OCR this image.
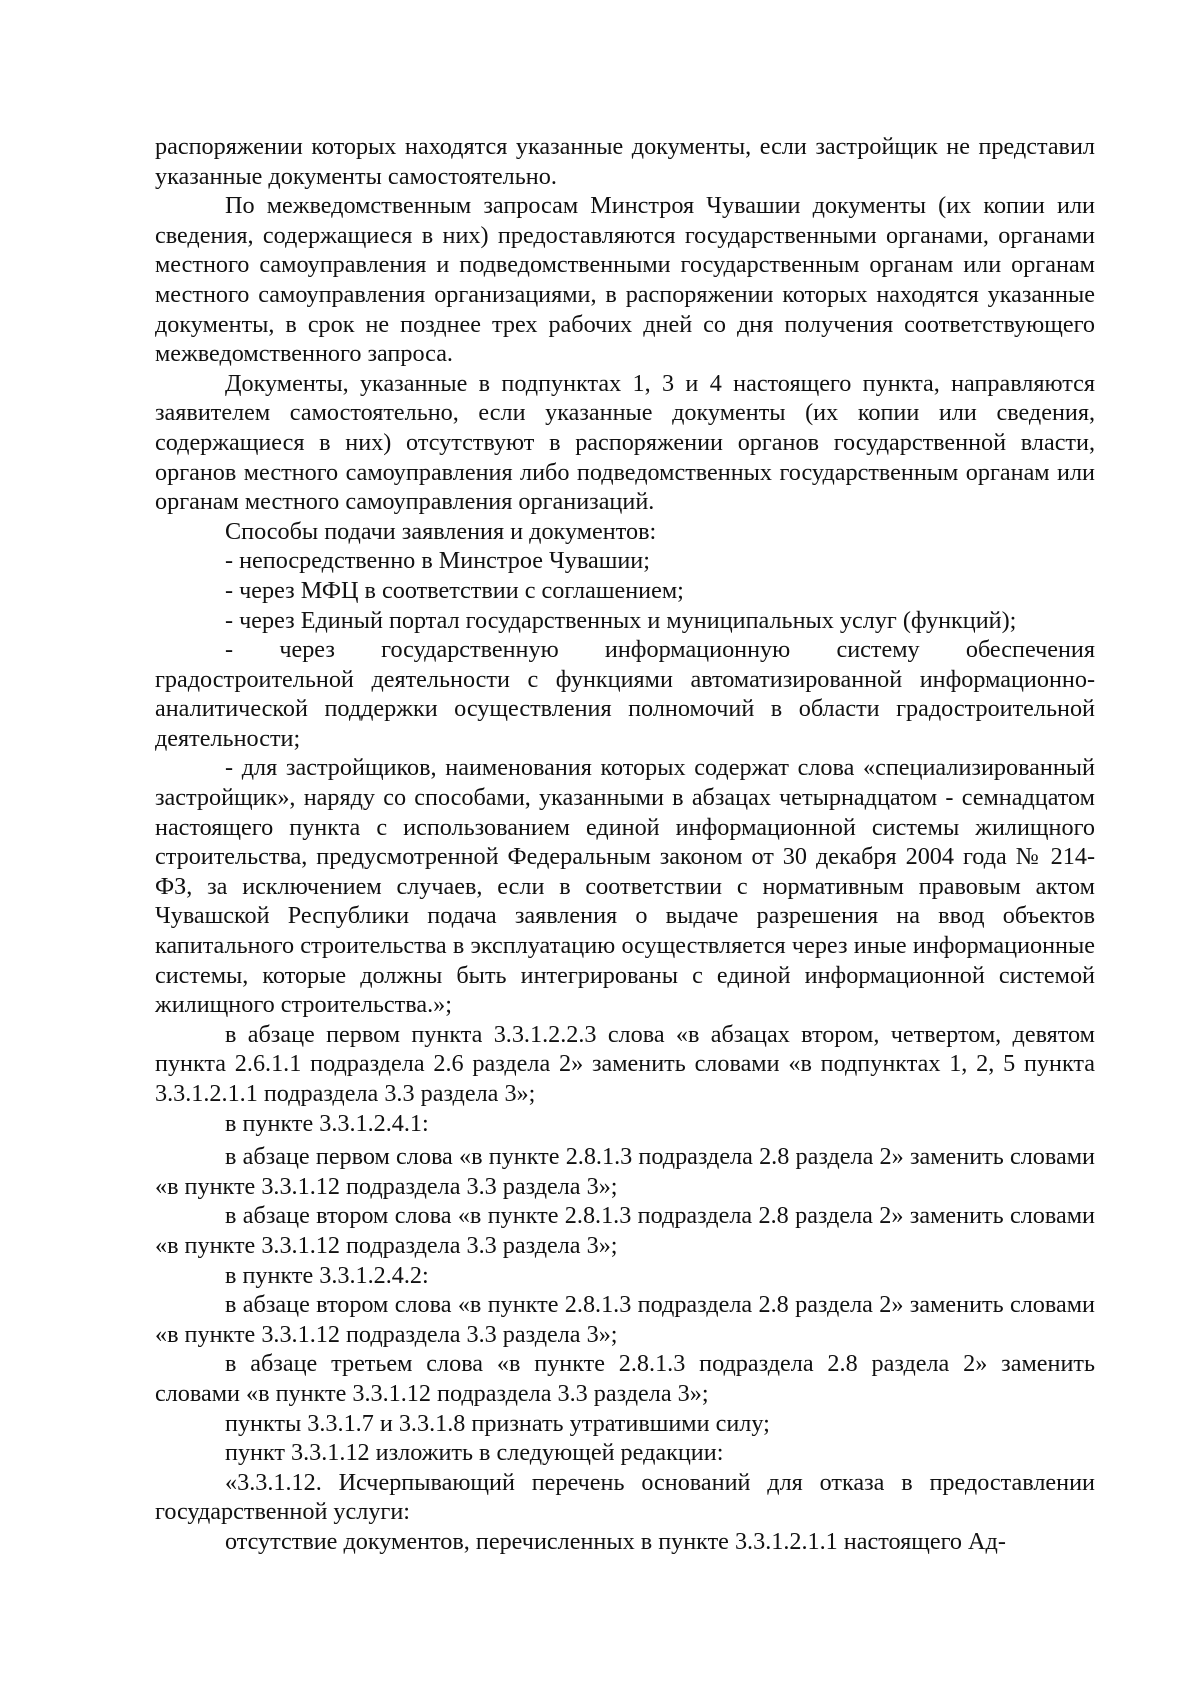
распоряжении которых находятся указанные документы, если застройщик не представил указанные документы самостоятельно.

По межведомственным запросам Минстроя Чувашии документы (их копии или сведения, содержащиеся в них) предоставляются государственными органами, органами местного самоуправления и подведомственными государственным органам или органам местного самоуправления организациями, в распоряжении которых находятся указанные документы, в срок не позднее трех рабочих дней со дня получения соответствующего межведомственного запроса.

Документы, указанные в подпунктах 1, 3 и 4 настоящего пункта, направляются заявителем самостоятельно, если указанные документы (их копии или сведения, содержащиеся в них) отсутствуют в распоряжении органов государственной власти, органов местного самоуправления либо подведомственных государственным органам или органам местного самоуправления организаций.

Способы подачи заявления и документов:

- непосредственно в Минстрое Чувашии;

- через МФЦ в соответствии с соглашением;

- через Единый портал государственных и муниципальных услуг (функций);

- через государственную информационную систему обеспечения градостроительной деятельности с функциями автоматизированной информационно-аналитической поддержки осуществления полномочий в области градостроительной деятельности;

- для застройщиков, наименования которых содержат слова «специализированный застройщик», наряду со способами, указанными в абзацах четырнадцатом - семнадцатом настоящего пункта с использованием единой информационной системы жилищного строительства, предусмотренной Федеральным законом от 30 декабря 2004 года № 214-ФЗ, за исключением случаев, если в соответствии с нормативным правовым актом Чувашской Республики подача заявления о выдаче разрешения на ввод объектов капитального строительства в эксплуатацию осуществляется через иные информационные системы, которые должны быть интегрированы с единой информационной системой жилищного строительства.»;

в абзаце первом пункта 3.3.1.2.2.3 слова «в абзацах втором, четвертом, девятом пункта 2.6.1.1 подраздела 2.6 раздела 2» заменить словами «в подпунктах 1, 2, 5 пункта 3.3.1.2.1.1 подраздела 3.3 раздела 3»;

в пункте 3.3.1.2.4.1:

в абзаце первом слова «в пункте 2.8.1.3 подраздела 2.8 раздела 2» заменить словами «в пункте 3.3.1.12 подраздела 3.3 раздела 3»;

в абзаце втором слова «в пункте 2.8.1.3 подраздела 2.8 раздела 2» заменить словами «в пункте 3.3.1.12 подраздела 3.3 раздела 3»;

в пункте 3.3.1.2.4.2:

в абзаце втором слова «в пункте 2.8.1.3 подраздела 2.8 раздела 2» заменить словами «в пункте 3.3.1.12 подраздела 3.3 раздела 3»;

в абзаце третьем слова «в пункте 2.8.1.3 подраздела 2.8 раздела 2» заменить словами «в пункте 3.3.1.12 подраздела 3.3 раздела 3»;

пункты 3.3.1.7 и 3.3.1.8 признать утратившими силу;

пункт 3.3.1.12 изложить в следующей редакции:

«3.3.1.12. Исчерпывающий перечень оснований для отказа в предоставлении государственной услуги:

отсутствие документов, перечисленных в пункте 3.3.1.2.1.1 настоящего Ад-
